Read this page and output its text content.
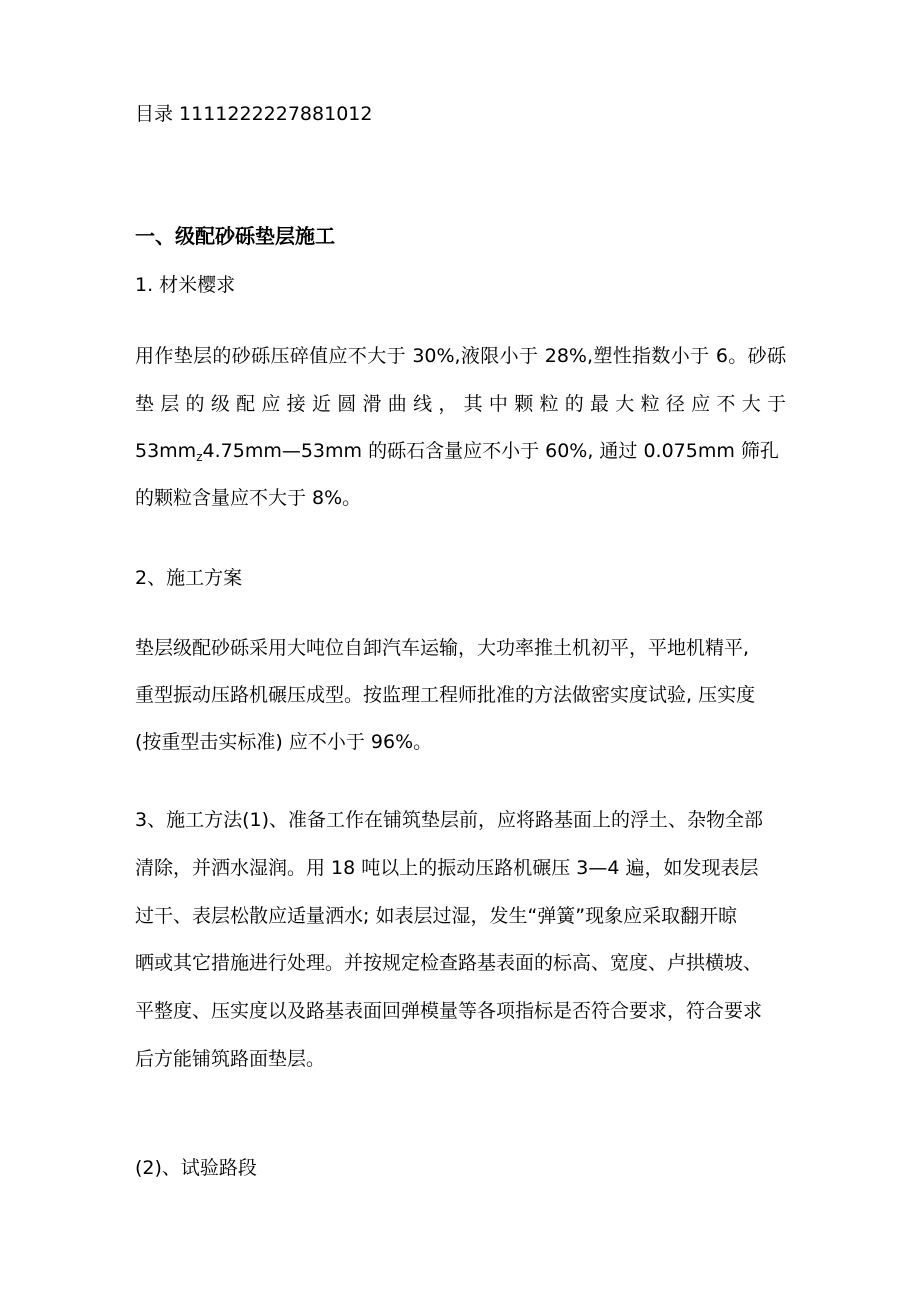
目录 1111222227881012

一、级配砂砾垫层施工

1. 材米樱求

用作垫层的砂砾压碎值应不大于 30%,液限小于 28%,塑性指数小于 6。砂砾

垫层的级配应接近圆滑曲线，其中颗粒的最大粒径应不大于

$53mm_z4.75mm—53mm$ 的砾石含量应不小于 60%, 通过 0.075mm 筛孔

的颗粒含量应不大于 8%。

2、施工方案

垫层级配砂砾采用大吨位自卸汽车运输，大功率推土机初平，平地机精平,

重型振动压路机碾压成型。按监理工程师批准的方法做密实度试验, 压实度

(按重型击实标准) 应不小于 96%。

3、施工方法(1)、准备工作在铺筑垫层前，应将路基面上的浮土、杂物全部

清除，并洒水湿润。用 18 吨以上的振动压路机碾压 3—4 遍，如发现表层

过干、表层松散应适量洒水; 如表层过湿，发生“弹簧”现象应采取翻开晾

晒或其它措施进行处理。并按规定检查路基表面的标高、宽度、卢拱横坡、

平整度、压实度以及路基表面回弹模量等各项指标是否符合要求，符合要求

后方能铺筑路面垫层。

(2)、试验路段
